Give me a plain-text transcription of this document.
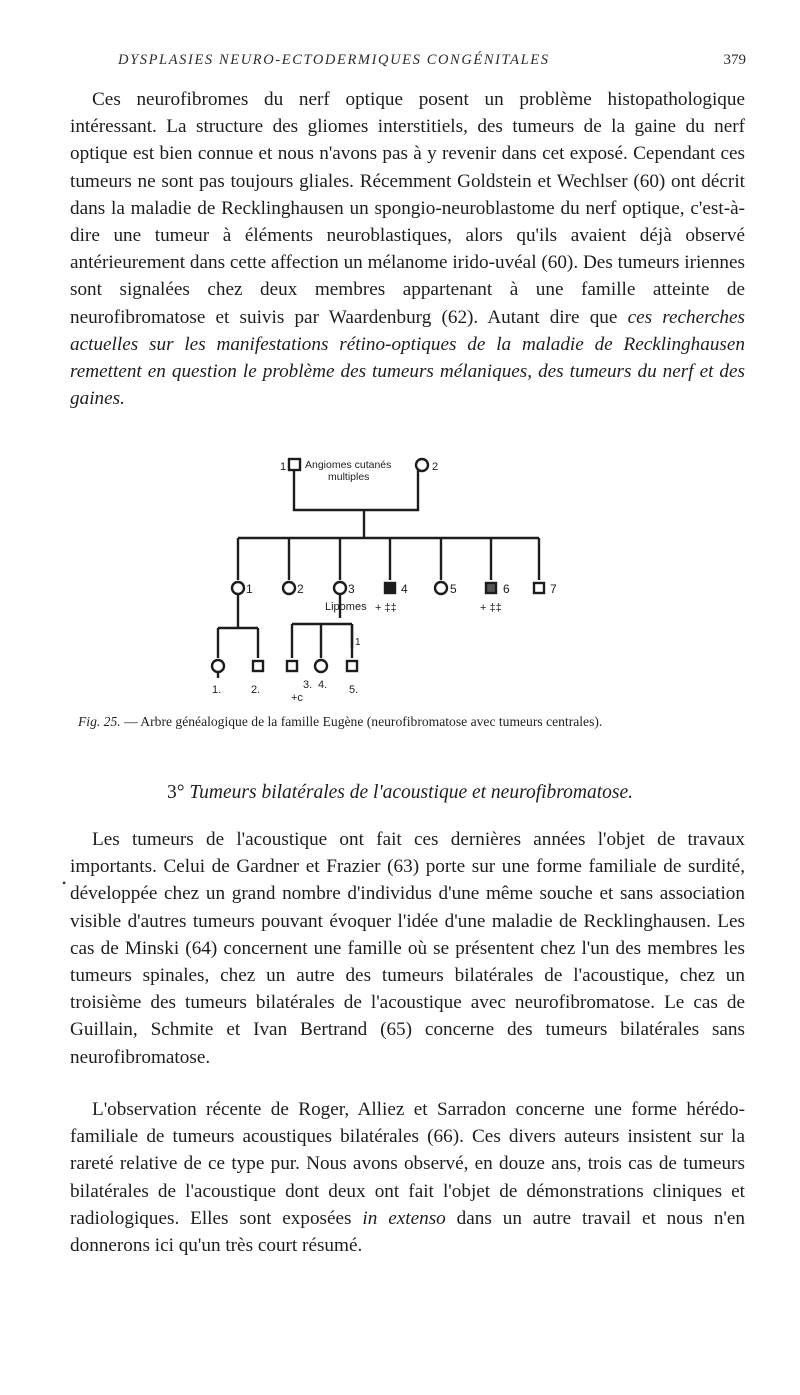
DYSPLASIES NEURO-ECTODERMIQUES CONGÉNITALES	379

Ces neurofibromes du nerf optique posent un problème histopathologique intéressant. La structure des gliomes interstitiels, des tumeurs de la gaine du nerf optique est bien connue et nous n'avons pas à y revenir dans cet exposé. Cependant ces tumeurs ne sont pas toujours gliales. Récemment Goldstein et Wechlser (60) ont décrit dans la maladie de Recklinghausen un spongio-neuroblastome du nerf optique, c'est-à-dire une tumeur à éléments neuroblastiques, alors qu'ils avaient déjà observé antérieurement dans cette affection un mélanome irido-uvéal (60). Des tumeurs iriennes sont signalées chez deux membres appartenant à une famille atteinte de neurofibromatose et suivis par Waardenburg (62). Autant dire que ces recherches actuelles sur les manifestations rétino-optiques de la maladie de Recklinghausen remettent en question le problème des tumeurs mélaniques, des tumeurs du nerf et des gaines.

1 Angiomes cutanés
multiples
2
1	2	3	4	5	6	7
Lipomes + ‡‡	+ ‡‡
1
1.	2.	3. 4. 5.
+c
Fig. 25. — Arbre généalogique de la famille Eugène (neurofibromatose avec tumeurs centrales).
3° Tumeurs bilatérales de l'acoustique et neurofibromatose.
•

Les tumeurs de l'acoustique ont fait ces dernières années l'objet de travaux importants. Celui de Gardner et Frazier (63) porte sur une forme familiale de surdité, développée chez un grand nombre d'individus d'une même souche et sans association visible d'autres tumeurs pouvant évoquer l'idée d'une maladie de Recklinghausen. Les cas de Minski (64) concernent une famille où se présentent chez l'un des membres les tumeurs spinales, chez un autre des tumeurs bilatérales de l'acoustique, chez un troisième des tumeurs bilatérales de l'acoustique avec neurofibromatose. Le cas de Guillain, Schmite et Ivan Bertrand (65) concerne des tumeurs bilatérales sans neurofibromatose.

L'observation récente de Roger, Alliez et Sarradon concerne une forme hérédo-familiale de tumeurs acoustiques bilatérales (66). Ces divers auteurs insistent sur la rareté relative de ce type pur. Nous avons observé, en douze ans, trois cas de tumeurs bilatérales de l'acoustique dont deux ont fait l'objet de démonstrations cliniques et radiologiques. Elles sont exposées in extenso dans un autre travail et nous n'en donnerons ici qu'un très court résumé.
